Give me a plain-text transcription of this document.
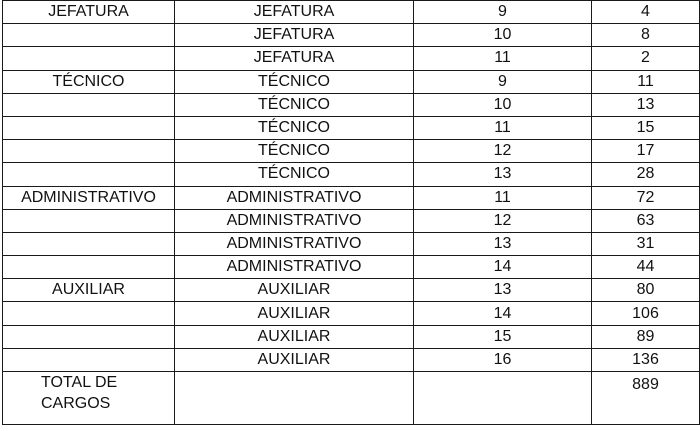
JEFATURA	JEFATURA	9	4
	JEFATURA	10	8
	JEFATURA	11	2
TÉCNICO	TÉCNICO	9	11
	TÉCNICO	10	13
	TÉCNICO	11	15
	TÉCNICO	12	17
	TÉCNICO	13	28
ADMINISTRATIVO	ADMINISTRATIVO	11	72
	ADMINISTRATIVO	12	63
	ADMINISTRATIVO	13	31
	ADMINISTRATIVO	14	44
AUXILIAR	AUXILIAR	13	80
	AUXILIAR	14	106
	AUXILIAR	15	89
	AUXILIAR	16	136
TOTAL DE CARGOS			889
